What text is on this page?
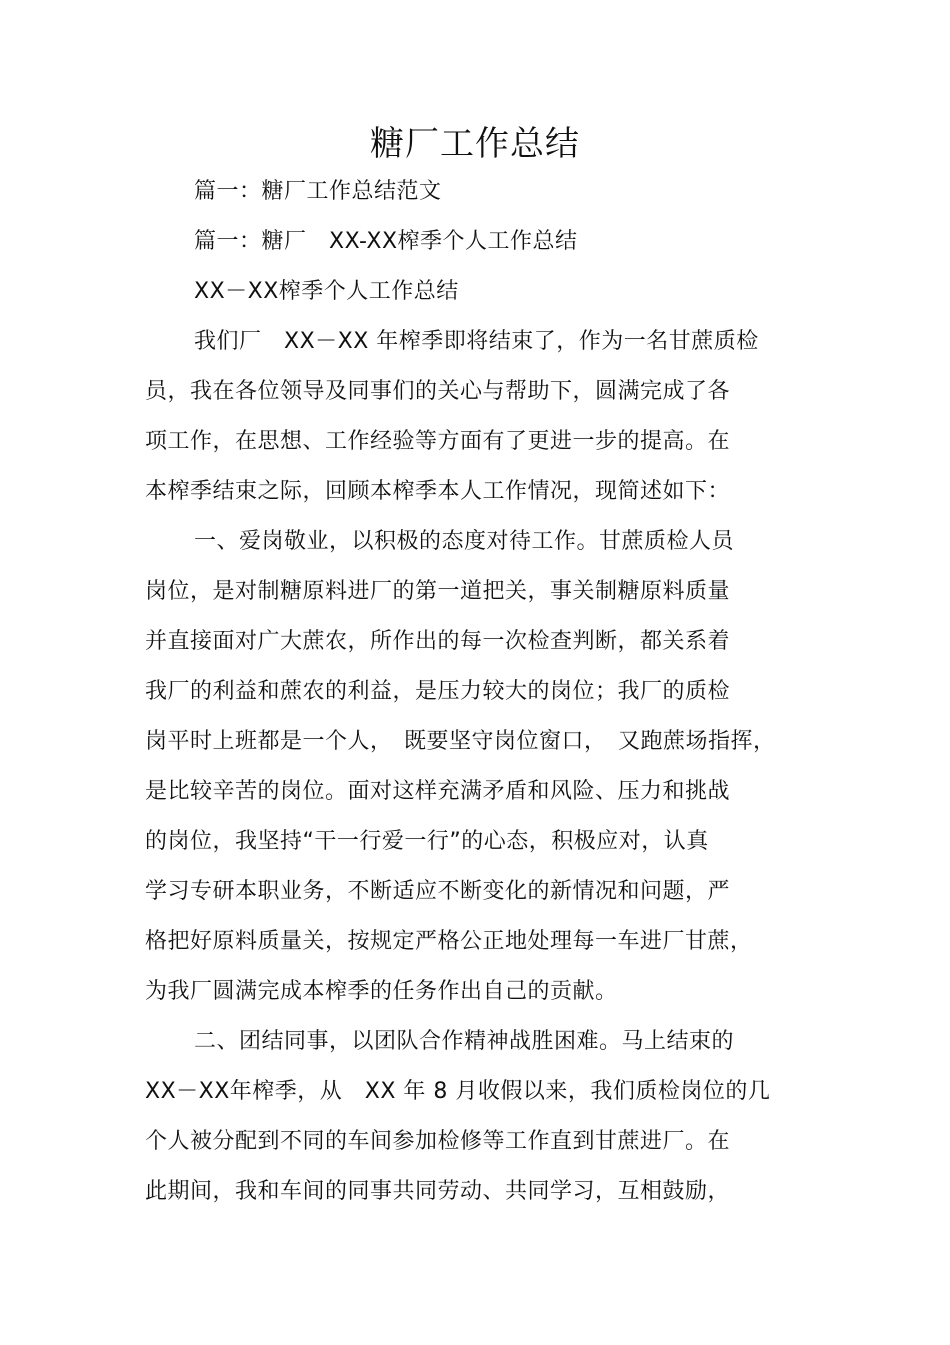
糖厂工作总结
篇一：糖厂工作总结范文
篇一：糖厂　XX-XX榨季个人工作总结
XX－XX榨季个人工作总结
我们厂　XX－XX 年榨季即将结束了，作为一名甘蔗质检
员，我在各位领导及同事们的关心与帮助下，圆满完成了各
项工作，在思想、工作经验等方面有了更进一步的提高。在
本榨季结束之际，回顾本榨季本人工作情况，现简述如下：
一、爱岗敬业，以积极的态度对待工作。甘蔗质检人员
岗位，是对制糖原料进厂的第一道把关，事关制糖原料质量
并直接面对广大蔗农，所作出的每一次检查判断，都关系着
我厂的利益和蔗农的利益，是压力较大的岗位；我厂的质检
岗平时上班都是一个人，　既要坚守岗位窗口，　又跑蔗场指挥，
是比较辛苦的岗位。面对这样充满矛盾和风险、压力和挑战
的岗位，我坚持“干一行爱一行”的心态，积极应对，认真
学习专研本职业务，不断适应不断变化的新情况和问题，严
格把好原料质量关，按规定严格公正地处理每一车进厂甘蔗，
为我厂圆满完成本榨季的任务作出自己的贡献。
二、团结同事，以团队合作精神战胜困难。马上结束的
XX－XX年榨季，从　XX 年 8 月收假以来，我们质检岗位的几
个人被分配到不同的车间参加检修等工作直到甘蔗进厂。在
此期间，我和车间的同事共同劳动、共同学习，互相鼓励，
